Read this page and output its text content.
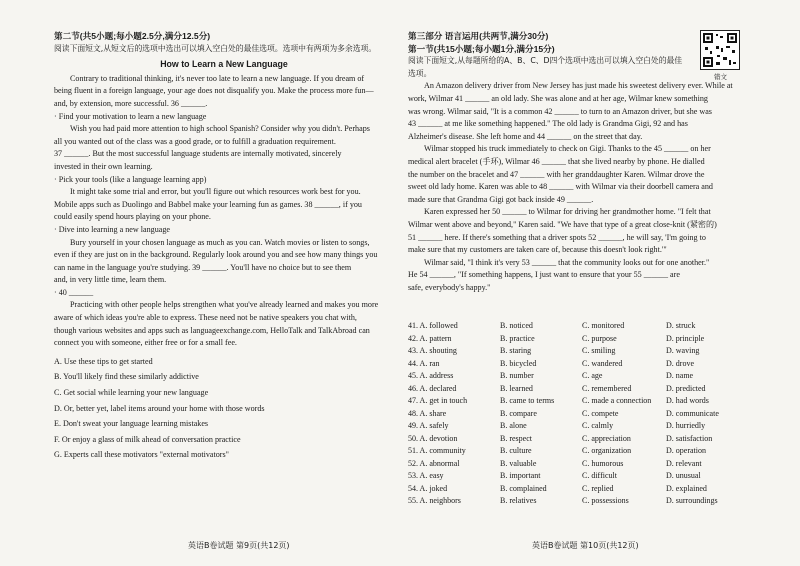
第二节(共5小题;每小题2.5分,满分12.5分)
阅读下面短文,从短文后的选项中选出可以填入空白处的最佳选项。选项中有两项为多余选项。
How to Learn a New Language
Contrary to traditional thinking, it's never too late to learn a new language. If you dream of
being fluent in a foreign language, your age does not disqualify you. Make the process more fun—
and, by extension, more successful. 36 ______.
· Find your motivation to learn a new language
Wish you had paid more attention to high school Spanish? Consider why you didn't. Perhaps
all you wanted out of the class was a good grade, or to fulfill a graduation requirement.
37 ______. But the most successful language students are internally motivated, sincerely
invested in their own learning.
· Pick your tools (like a language learning app)
It might take some trial and error, but you'll figure out which resources work best for you.
Mobile apps such as Duolingo and Babbel make your learning fun as games. 38 ______, if you
could easily spend hours playing on your phone.
· Dive into learning a new language
Bury yourself in your chosen language as much as you can. Watch movies or listen to songs,
even if they are just on in the background. Regularly look around you and see how many things you
can name in the language you're studying. 39 ______. You'll have no choice but to see them
and, in very little time, learn them.
· 40 ______
Practicing with other people helps strengthen what you've already learned and makes you more
aware of which ideas you're able to express. These need not be native speakers you chat with,
though various websites and apps such as languageexchange.com, HelloTalk and TalkAbroad can
connect you with someone, either free or for a small fee.
A. Use these tips to get started
B. You'll likely find these similarly addictive
C. Get social while learning your new language
D. Or, better yet, label items around your home with those words
E. Don't sweat your language learning mistakes
F. Or enjoy a glass of milk ahead of conversation practice
G. Experts call these motivators "external motivators"
第三部分 语言运用(共两节,满分30分)
第一节(共15小题;每小题1分,满分15分)
阅读下面短文,从每题所给的A、B、C、D四个选项中选出可以填入空白处的最佳选项。
An Amazon delivery driver from New Jersey has just made his sweetest delivery ever. While at
work, Wilmar 41 ______ an old lady. She was alone and at her age, Wilmar knew something
was wrong. Wilmar said, "It is a common 42 ______ to turn to an Amazon driver, but she was
43 ______ at me like something happened." The old lady is Grandma Gigi, 92 and has
Alzheimer's disease. She left home and 44 ______ on the street that day.
Wilmar stopped his truck immediately to check on Gigi. Thanks to the 45 ______ on her
medical alert bracelet (手环), Wilmar 46 ______ that she lived nearby by phone. He dialled
the number on the bracelet and 47 ______ with her granddaughter Karen. Wilmar drove the
sweet old lady home. Karen was able to 48 ______ with Wilmar via their doorbell camera and
made sure that Grandma Gigi got back inside 49 ______.
Karen expressed her 50 ______ to Wilmar for driving her grandmother home. "I felt that
Wilmar went above and beyond," Karen said. "We have that type of a great close-knit (紧密的)
51 ______ here. If there's something that a driver spots 52 ______, he will say, 'I'm going to
make sure that my customers are taken care of, because this doesn't look right.'"
Wilmar said, "I think it's very 53 ______ that the community looks out for one another."
He 54 ______, "If something happens, I just want to ensure that your 55 ______ are
safe, everybody's happy."
错文
41. A. followed	B. noticed	C. monitored	D. struck
42. A. pattern	B. practice	C. purpose	D. principle
43. A. shouting	B. staring	C. smiling	D. waving
44. A. ran	B. bicycled	C. wandered	D. drove
45. A. address	B. number	C. age	D. name
46. A. declared	B. learned	C. remembered	D. predicted
47. A. get in touch	B. came to terms	C. made a connection	D. had words
48. A. share	B. compare	C. compete	D. communicate
49. A. safely	B. alone	C. calmly	D. hurriedly
50. A. devotion	B. respect	C. appreciation	D. satisfaction
51. A. community	B. culture	C. organization	D. operation
52. A. abnormal	B. valuable	C. humorous	D. relevant
53. A. easy	B. important	C. difficult	D. unusual
54. A. joked	B. complained	C. replied	D. explained
55. A. neighbors	B. relatives	C. possessions	D. surroundings
英语B卷试题 第9页(共12页)	英语B卷试题 第10页(共12页)
